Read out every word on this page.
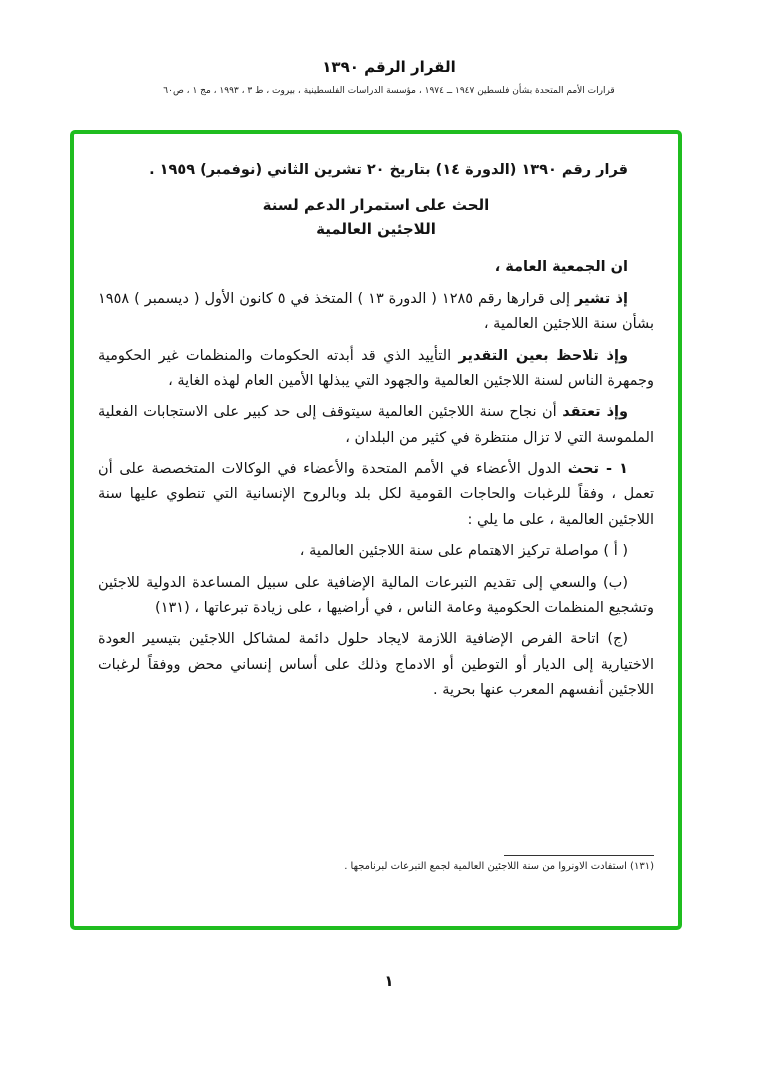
القرار الرقم ١٣٩٠
قرارات الأمم المتحدة بشأن فلسطين ١٩٤٧ ــ ١٩٧٤ ، مؤسسة الدراسات الفلسطينية ، بيروت ، ط ٣ ، ١٩٩٣ ، مج ١ ، ص٦٠

قرار رقم ١٣٩٠ (الدورة ١٤) بتاريخ ٢٠ تشرين الثاني (نوفمبر) ١٩٥٩ .

الحث على استمرار الدعم لسنة
اللاجئين العالمية

ان الجمعية العامة ،

إذ تشير إلى قرارها رقم ١٢٨٥ ( الدورة ١٣ ) المتخذ في ٥ كانون الأول ( ديسمبر ) ١٩٥٨ بشأن سنة اللاجئين العالمية ،

وإذ تلاحظ بعين التقدير التأييد الذي قد أبدته الحكومات والمنظمات غير الحكومية وجمهرة الناس لسنة اللاجئين العالمية والجهود التي يبذلها الأمين العام لهذه الغاية ،

وإذ تعتقد أن نجاح سنة اللاجئين العالمية سيتوقف إلى حد كبير على الاستجابات الفعلية الملموسة التي لا تزال منتظرة في كثير من البلدان ،

١ - تحث الدول الأعضاء في الأمم المتحدة والأعضاء في الوكالات المتخصصة على أن تعمل ، وفقاً للرغبات والحاجات القومية لكل بلد وبالروح الإنسانية التي تنطوي عليها سنة اللاجئين العالمية ، على ما يلي :

( أ ) مواصلة تركيز الاهتمام على سنة اللاجئين العالمية ،

(ب) والسعي إلى تقديم التبرعات المالية الإضافية على سبيل المساعدة الدولية للاجئين وتشجيع المنظمات الحكومية وعامة الناس ، في أراضيها ، على زيادة تبرعاتها ، (١٣١)

(ج) اتاحة الفرص الإضافية اللازمة لايجاد حلول دائمة لمشاكل اللاجئين بتيسير العودة الاختيارية إلى الديار أو التوطين أو الادماج وذلك على أساس إنساني محض ووفقاً لرغبات اللاجئين أنفسهم المعرب عنها بحرية .

(١٣١) استفادت الاونروا من سنة اللاجئين العالمية لجمع التبرعات لبرنامجها .
١
